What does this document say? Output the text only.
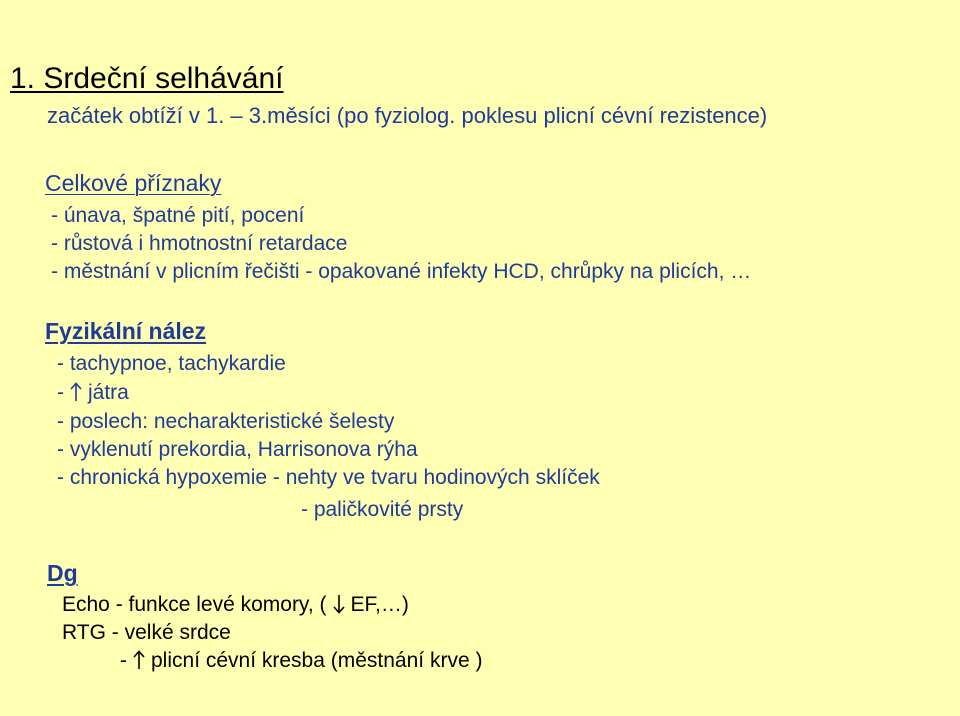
1. Srdeční selhávání
začátek obtíží v 1. – 3.měsíci (po fyziolog. poklesu plicní cévní rezistence)
Celkové příznaky
- únava, špatné pití, pocení
- růstová i hmotnostní retardace
- městnání v plicním řečišti - opakované infekty HCD, chrůpky na plicích, …
Fyzikální nález
- tachypnoe, tachykardie
- játra
- poslech: necharakteristické šelesty
- vyklenutí prekordia, Harrisonova rýha
- chronická hypoxemie - nehty ve tvaru hodinových sklíček
- paličkovité prsty
Dg
Echo - funkce levé komory, ( EF,…)
RTG - velké srdce
- plicní cévní kresba (městnání krve )
